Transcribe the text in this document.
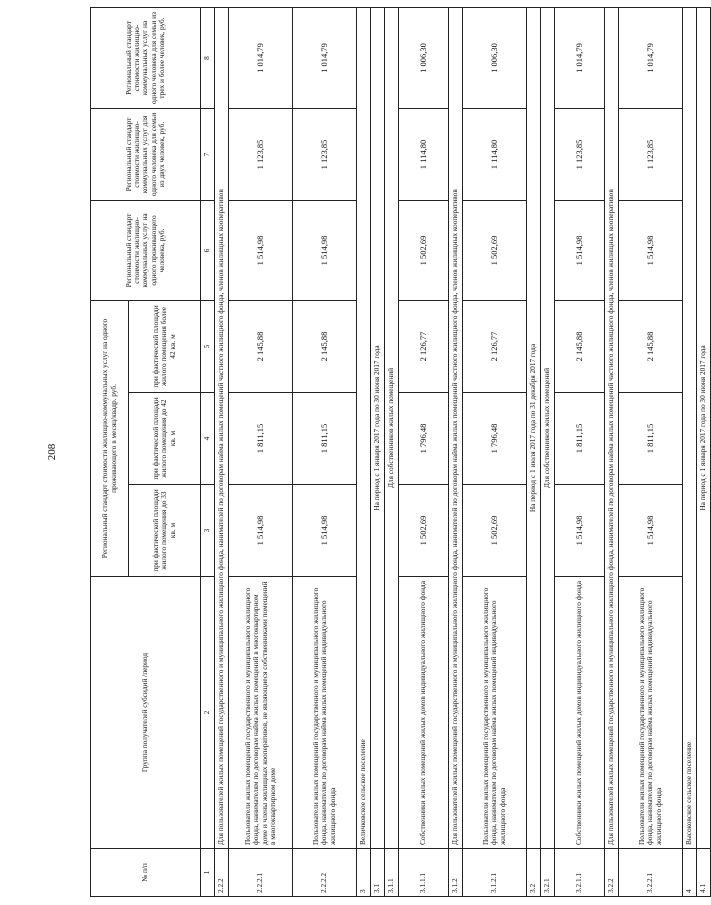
208
№ п/п	Группа получателей субсидий /период	Региональный стандарт стоимости жилищно-коммунальных услуг на одного проживающего в месяц/квадр. руб.			Региональный стандарт стоимости жилищно-коммунальных услуг на одного проживающего человека, руб.	Региональный стандарт стоимости жилищно-коммунальных услуг для одного человека для семьи из двух человек, руб.	Региональный стандарт стоимости жилищно-коммунальных услуг на одного человека для семьи из трех и более человек, руб.
		при фактической площади жилого помещения до 33 кв. м	при фактической площади жилого помещения до 42 кв. м	при фактической площади жилого помещения более 42 кв. м			
1	2	3	4	5	6	7	8
2.2.2	Для пользователей жилых помещений государственного и муниципального жилищного фонда, нанимателей по договорам найма жилых помещений частного жилищного фонда, членов жилищных кооперативов						
2.2.2.1	Пользователи жилых помещений государственного и муниципального жилищного фонда, нанимателям по договорам найма жилых помещений в многоквартирном доме и члены жилищных кооперативов, не являющиеся собственниками помещений в многоквартирном доме	1 514,98	1 811,15	2 145,88	1 514,98	1 123,85	1 014,79
2.2.2.2	Пользователи жилых помещений государственного и муниципального жилищного фонда, нанимателям по договорам найма жилых помещений индивидуального жилищного фонда	1 514,98	1 811,15	2 145,88	1 514,98	1 123,85	1 014,79
3	Величковское сельское поселение						
3.1	На период с 1 января 2017 года по 30 июня 2017 года						
3.1.1	Для собственников жилых помещений						
3.1.1.1	Собственники жилых помещений жилых домов индивидуального жилищного фонда	1 502,69	1 796,48	2 126,77	1 502,69	1 114,80	1 006,30
3.1.2	Для пользователей жилых помещений государственного и муниципального жилищного фонда, нанимателей по договорам найма жилых помещений частного жилищного фонда, членов жилищных кооперативов						
3.1.2.1	Пользователи жилых помещений государственного и муниципального жилищного фонда, нанимателям по договорам найма жилых помещений индивидуального жилищного фонда	1 502,69	1 796,48	2 126,77	1 502,69	1 114,80	1 006,30
3.2	На период с 1 июля 2017 года по 31 декабря 2017 года						
3.2.1	Для собственников жилых помещений						
3.2.1.1	Собственники жилых помещений жилых домов индивидуального жилищного фонда	1 514,98	1 811,15	2 145,88	1 514,98	1 123,85	1 014,79
3.2.2	Для пользователей жилых помещений государственного и муниципального жилищного фонда, нанимателей по договорам найма жилых помещений частного жилищного фонда, членов жилищных кооперативов						
3.2.2.1	Пользователи жилых помещений государственного и муниципального жилищного фонда, нанимателям по договорам найма жилых помещений индивидуального жилищного фонда	1 514,98	1 811,15	2 145,88	1 514,98	1 123,85	1 014,79
4	Высоковское сельское поселение						
4.1	На период с 1 января 2017 года по 30 июня 2017 года						
